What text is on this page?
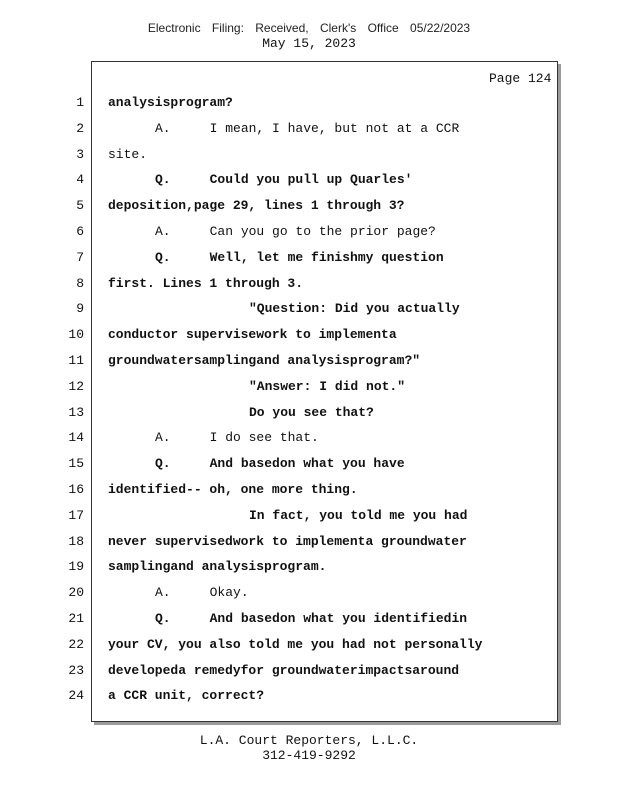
Electronic Filing: Received, Clerk's Office 05/22/2023
May 15, 2023
Page 124
1 analysisprogram?
2	A.     I mean, I have, but not at a CCR
3 site.
4	Q.     Could you pull up Quarles'
5 deposition,page 29, lines 1 through 3?
6	A.     Can you go to the prior page?
7	Q.     Well, let me finishmy question
8 first. Lines 1 through 3.
9	"Question: Did you actually
10 conductor supervisework to implementa
11 groundwatersamplingand analysisprogram?"
12	"Answer: I did not."
13	Do you see that?
14	A.     I do see that.
15	Q.     And basedon what you have
16 identified-- oh, one more thing.
17	In fact, you told me you had
18 never supervisedwork to implementa groundwater
19 samplingand analysisprogram.
20	A.     Okay.
21	Q.     And basedon what you identifiedin
22 your CV, you also told me you had not personally
23 developeda remedyfor groundwaterimpactsaround
24 a CCR unit, correct?
L.A. Court Reporters, L.L.C.
312-419-9292
